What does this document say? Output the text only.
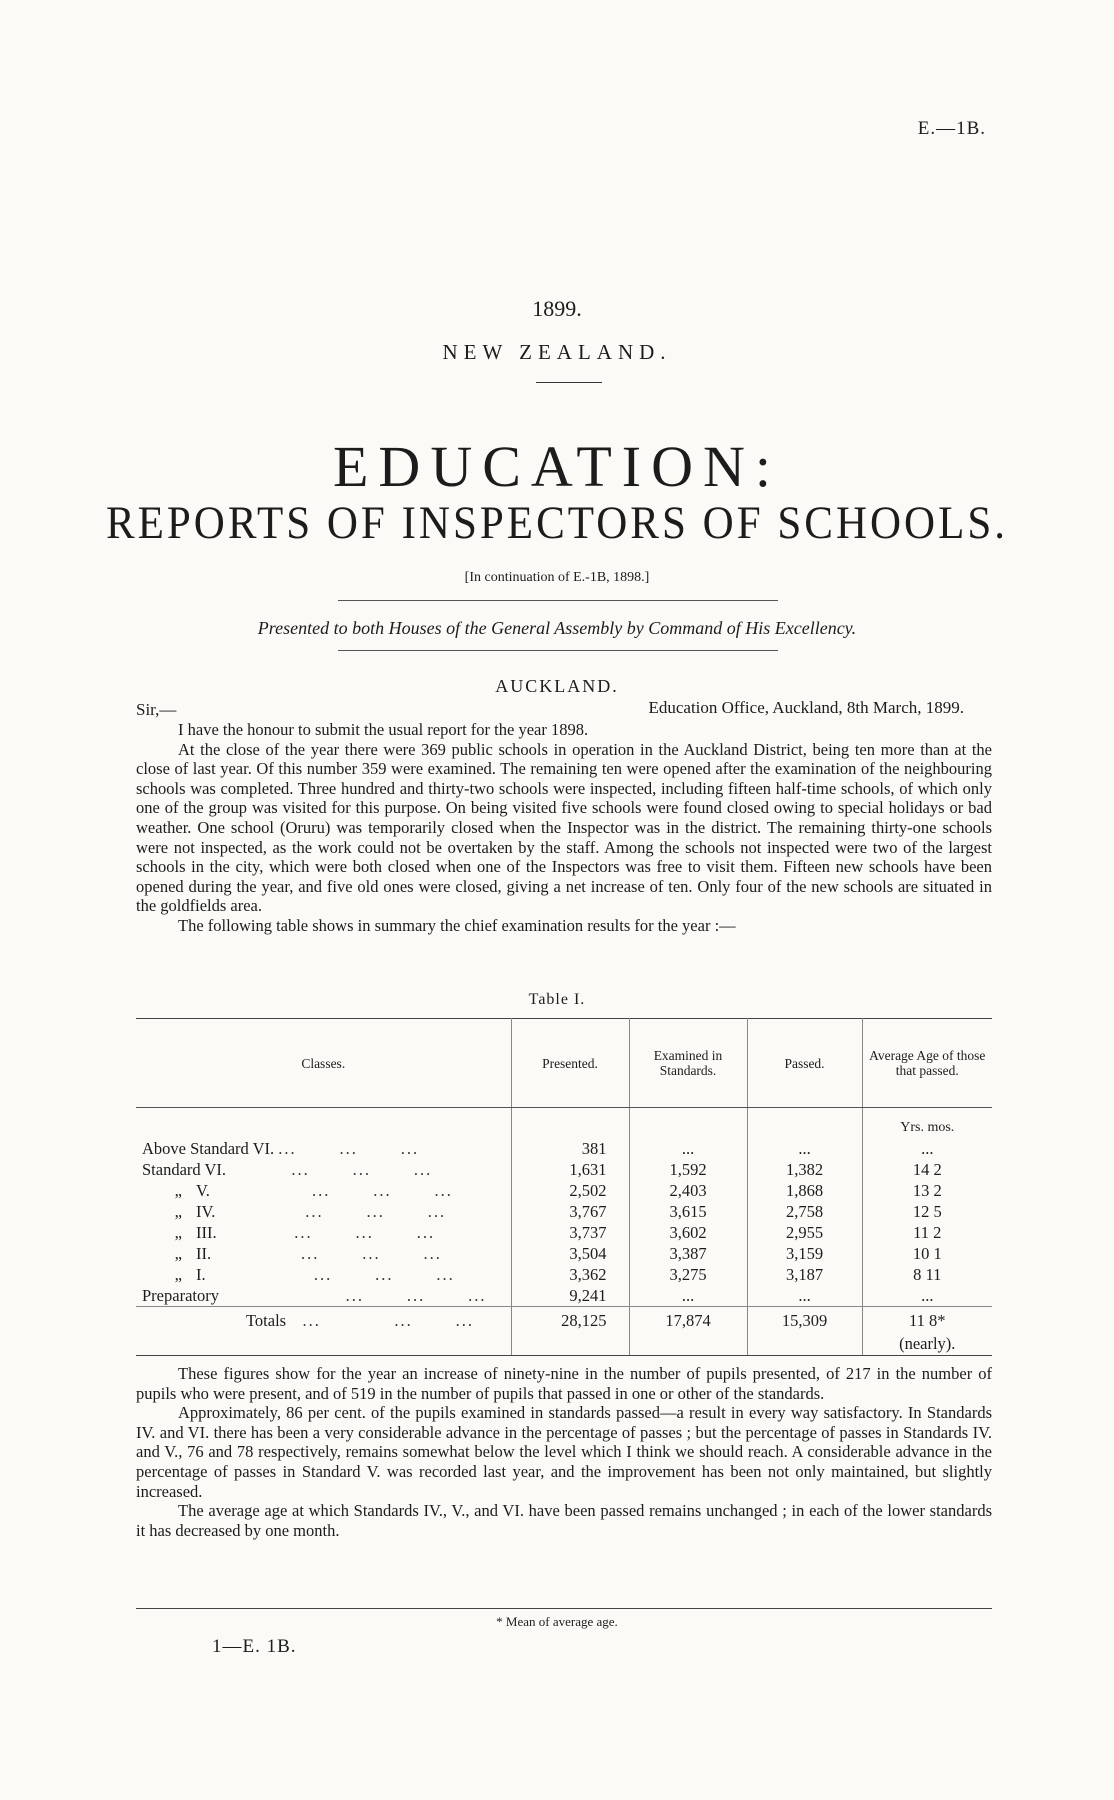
E.—1B.
1899.
NEW ZEALAND.
EDUCATION:
REPORTS OF INSPECTORS OF SCHOOLS.
[In continuation of E.-1B, 1898.]
Presented to both Houses of the General Assembly by Command of His Excellency.
AUCKLAND.
Sir,—	Education Office, Auckland, 8th March, 1899.

I have the honour to submit the usual report for the year 1898.

At the close of the year there were 369 public schools in operation in the Auckland District, being ten more than at the close of last year. Of this number 359 were examined. The remaining ten were opened after the examination of the neighbouring schools was completed. Three hundred and thirty-two schools were inspected, including fifteen half-time schools, of which only one of the group was visited for this purpose. On being visited five schools were found closed owing to special holidays or bad weather. One school (Oruru) was temporarily closed when the Inspector was in the district. The remaining thirty-one schools were not inspected, as the work could not be overtaken by the staff. Among the schools not inspected were two of the largest schools in the city, which were both closed when one of the Inspectors was free to visit them. Fifteen new schools have been opened during the year, and five old ones were closed, giving a net increase of ten. Only four of the new schools are situated in the goldfields area.

The following table shows in summary the chief examination results for the year :—

Table I.
Classes.	Presented.	Examined in Standards.	Passed.	Average Age of those that passed.
				Yrs. mos.
Above Standard VI. ...       ...       ...	381	...	...	...
Standard VI.           ...       ...       ...	1,631	1,592	1,382	14 2
„ V.                 ...       ...       ...	2,502	2,403	1,868	13 2
„ IV.               ...       ...       ...	3,767	3,615	2,758	12 5
„ III.             ...       ...       ...	3,737	3,602	2,955	11 2
„ II.               ...       ...       ...	3,504	3,387	3,159	10 1
„ I.                  ...       ...       ...	3,362	3,275	3,187	8 11
Preparatory                     ...       ...       ...	9,241	...	...	...
Totals   ...            ...       ...	28,125	17,874	15,309	11 8*
				(nearly).

These figures show for the year an increase of ninety-nine in the number of pupils presented, of 217 in the number of pupils who were present, and of 519 in the number of pupils that passed in one or other of the standards.

Approximately, 86 per cent. of the pupils examined in standards passed—a result in every way satisfactory. In Standards IV. and VI. there has been a very considerable advance in the percentage of passes ; but the percentage of passes in Standards IV. and V., 76 and 78 respectively, remains somewhat below the level which I think we should reach. A considerable advance in the percentage of passes in Standard V. was recorded last year, and the improvement has been not only maintained, but slightly increased.

The average age at which Standards IV., V., and VI. have been passed remains unchanged ; in each of the lower standards it has decreased by one month.

* Mean of average age.
1—E. 1B.
